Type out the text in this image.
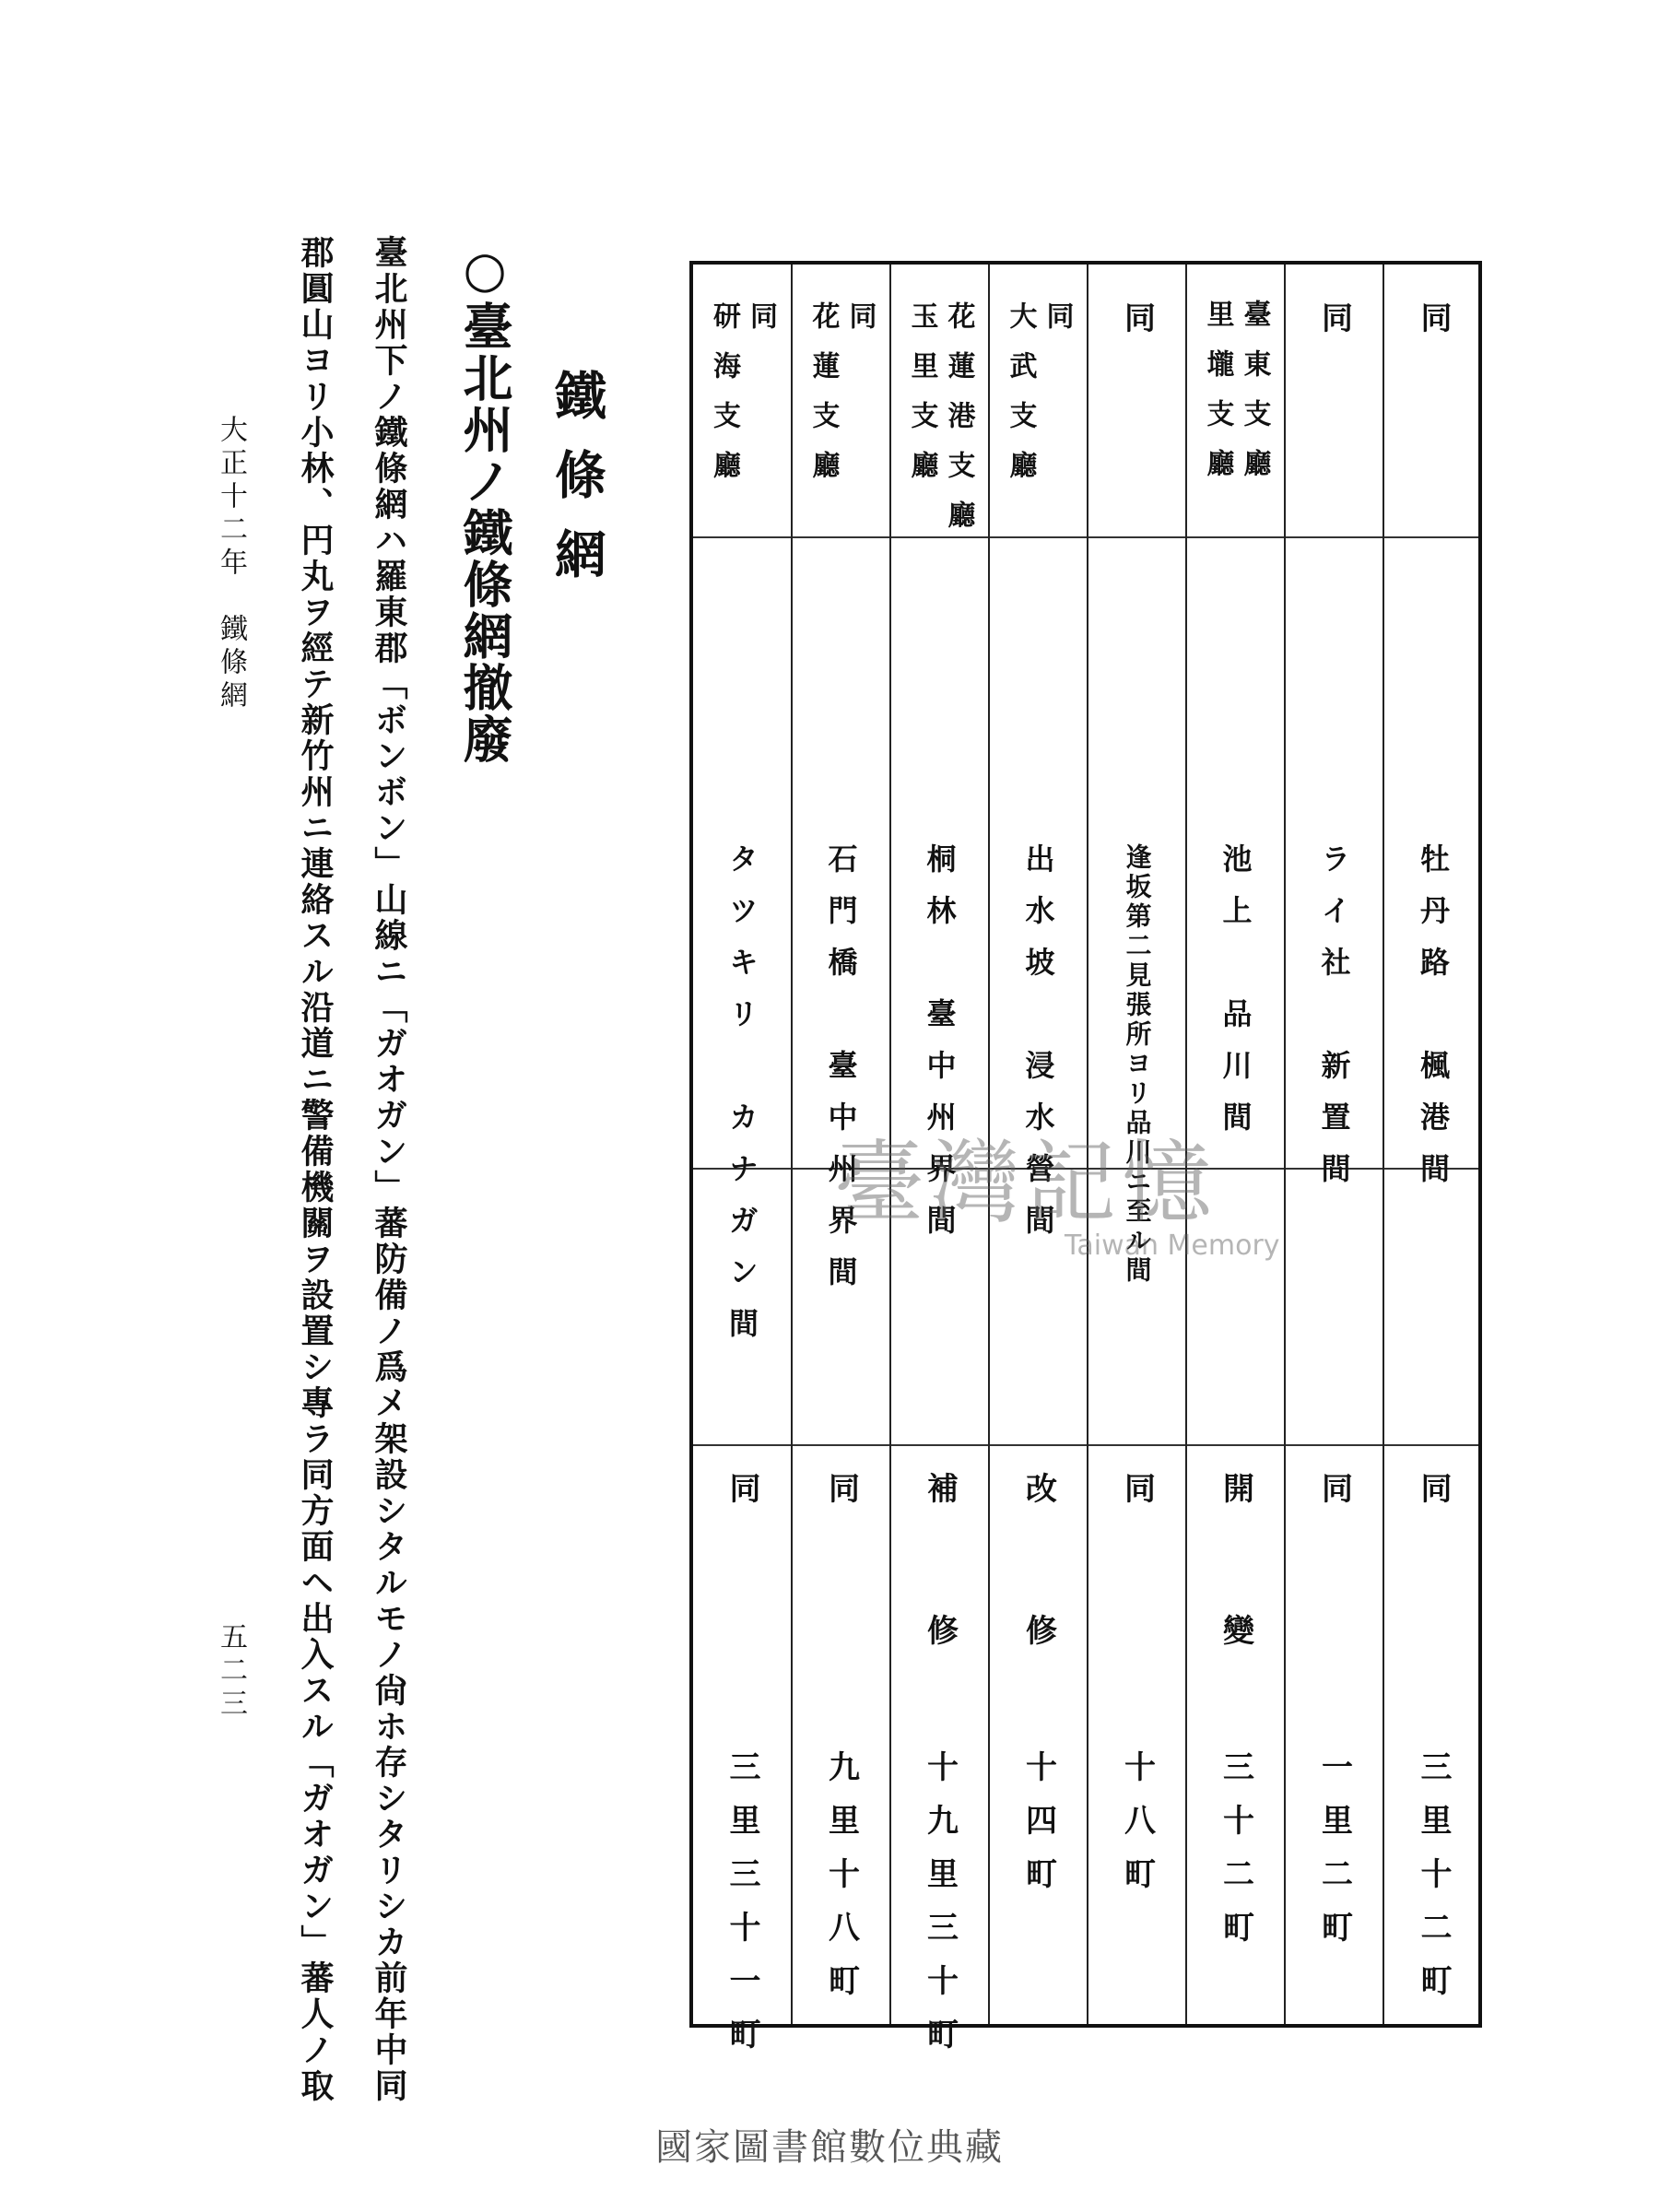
同
牡丹路　楓港間
同
三里十二町
同
ライ社　新置間
同
一里二町
臺東支廳
里壠支廳
池上　品川間
開變
三十二町
同
逢坂第二見張所ヨリ品川ニ至ル間
同
十八町
同
大武支廳
出水坡　浸水營間
改修
十四町
花蓮港支廳
玉里支廳
桐林　臺中州界間
補修
十九里三十町
同
花蓮支廳
石門橋　臺中州界間
同
九里十八町
同
研海支廳
タツキリ　カナガン間
同
三里三十一町
臺灣記憶
Taiwan Memory
鐵條網
○臺北州ノ鐵條網撤廢
臺北州下ノ鐵條網ハ羅東郡「ボンボン」山線ニ「ガオガン」蕃防備ノ爲メ架設シタルモノ尙ホ存シタリシカ前年中同
郡圓山ヨリ小林、円丸ヲ經テ新竹州ニ連絡スル沿道ニ警備機關ヲ設置シ專ラ同方面ヘ出入スル「ガオガン」蕃人ノ取
大正十二年　鐵條網
五二三
國家圖書館數位典藏
